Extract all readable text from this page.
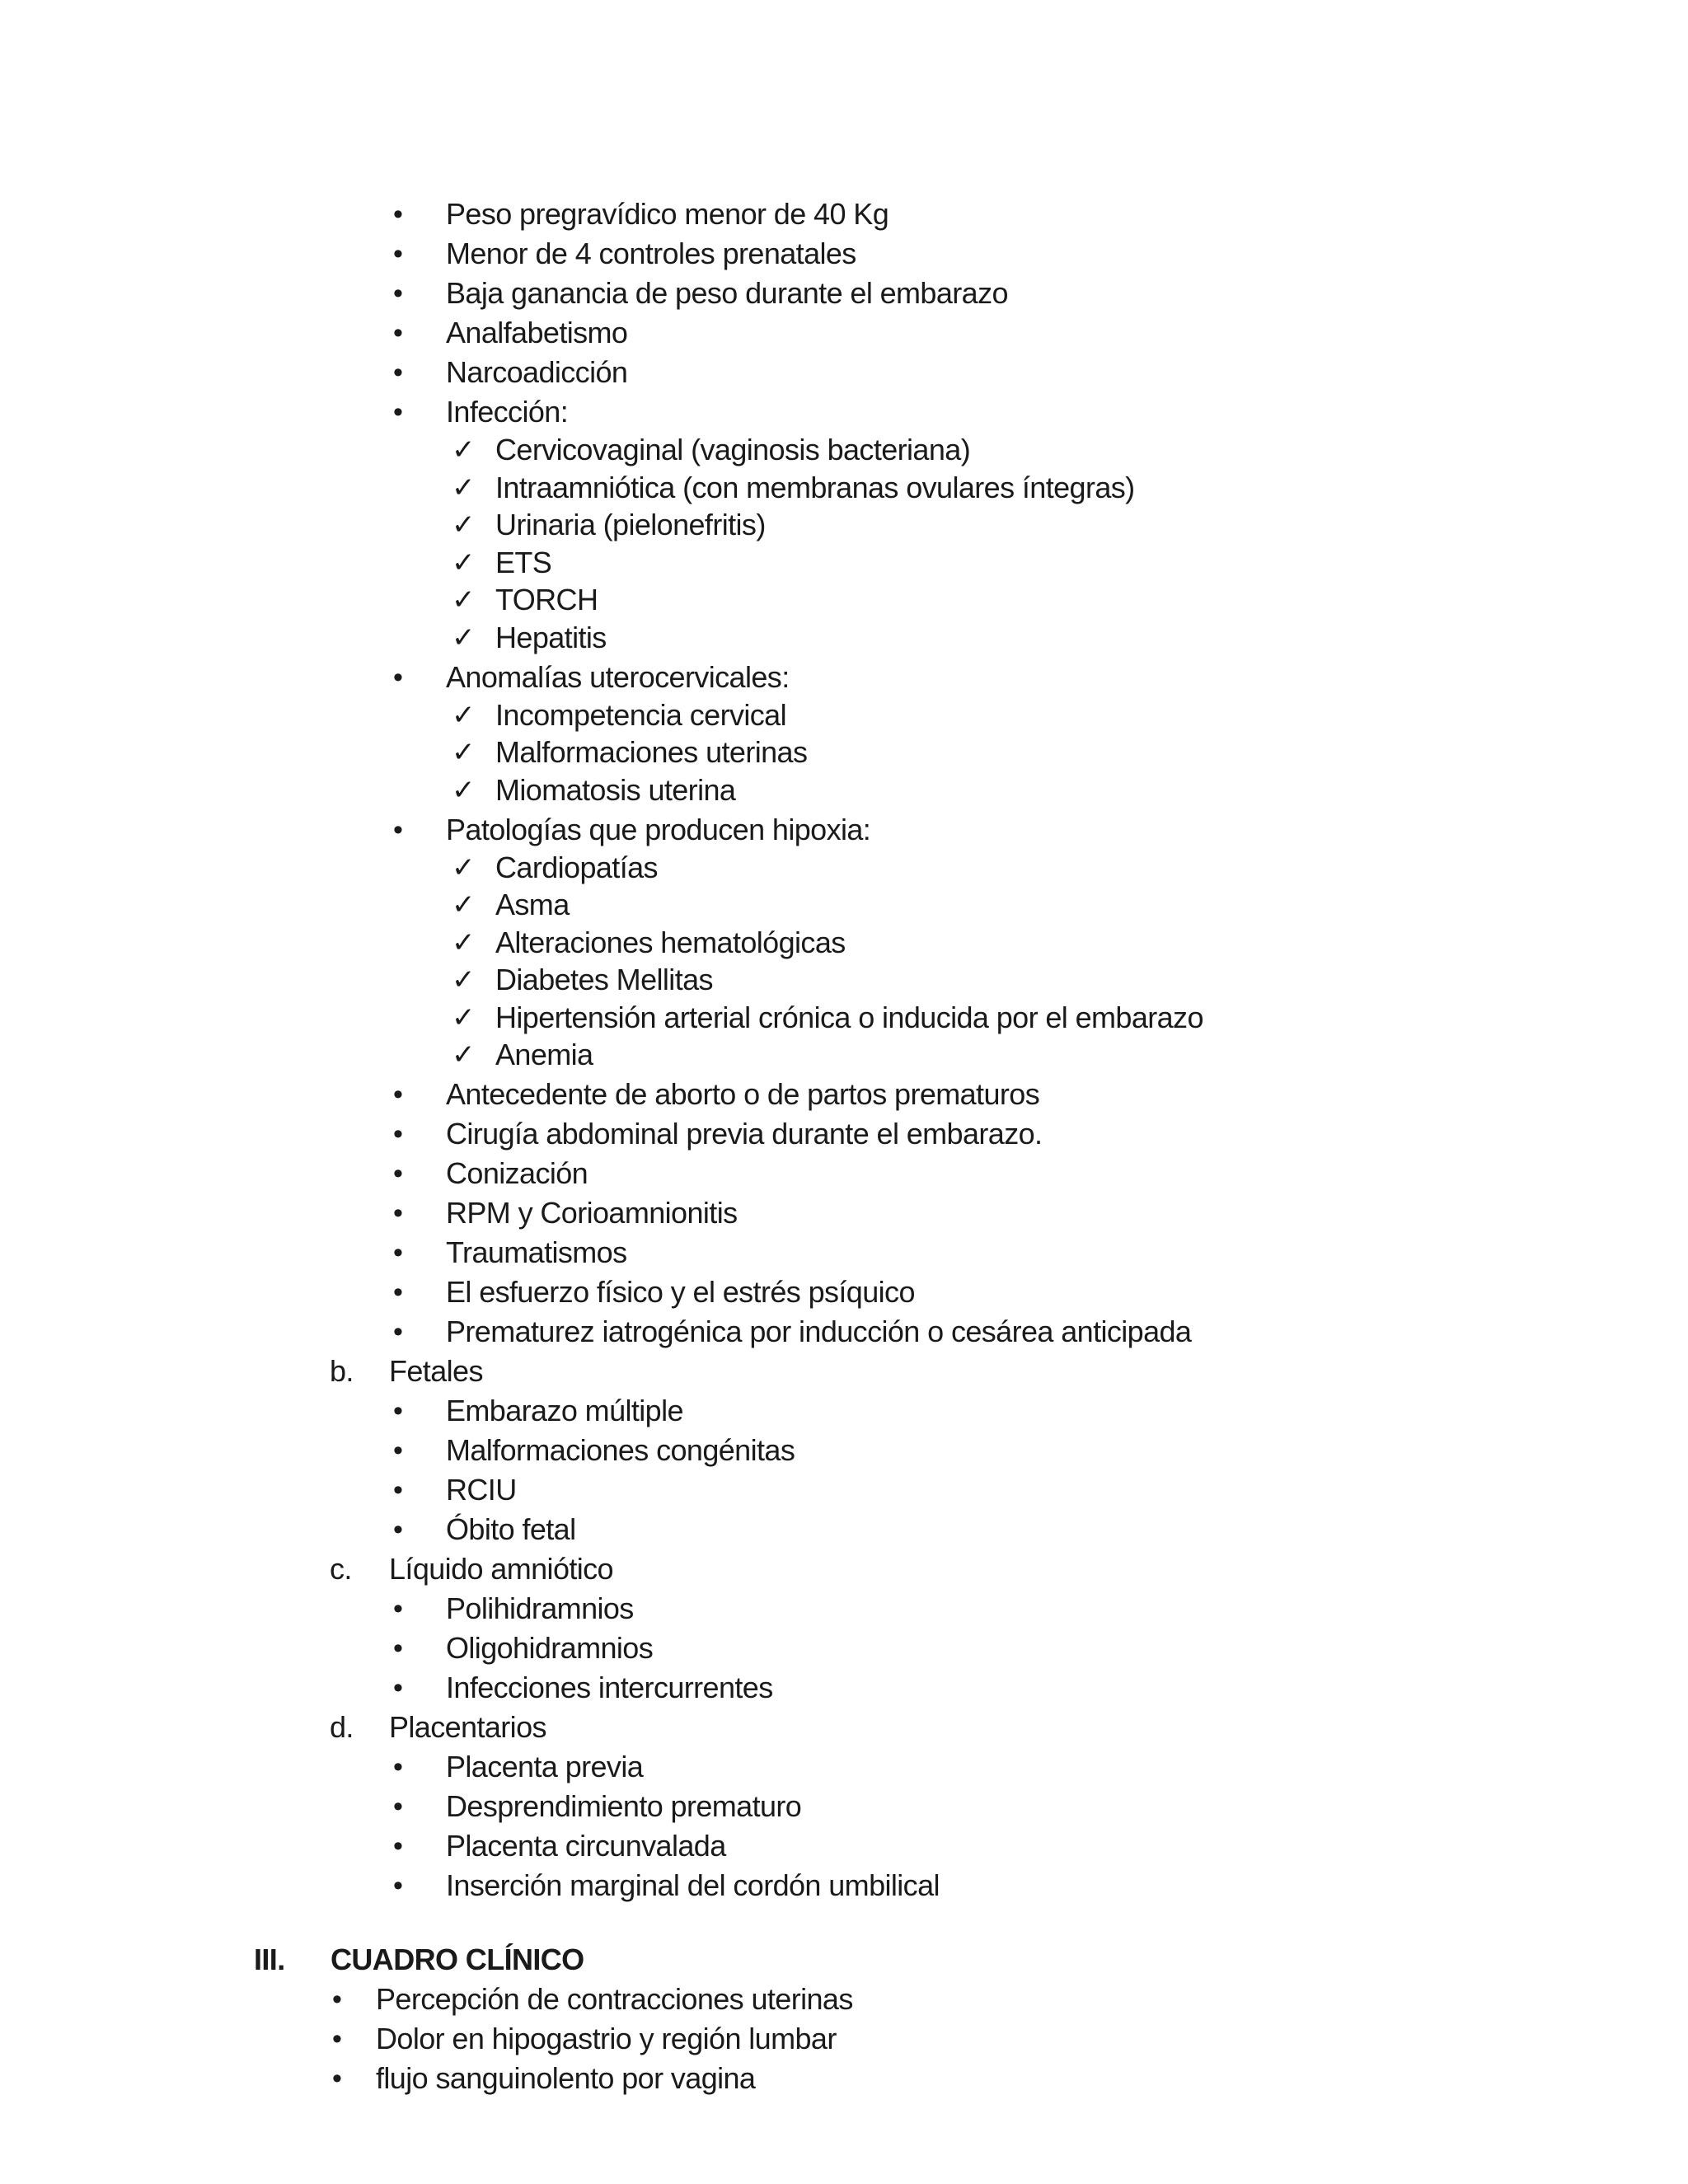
• Peso pregravídico menor de 40 Kg
• Menor de 4 controles prenatales
• Baja ganancia de peso durante el embarazo
• Analfabetismo
• Narcoadicción
• Infección:
✓ Cervicovaginal (vaginosis bacteriana)
✓ Intraamniótica (con membranas ovulares íntegras)
✓ Urinaria (pielonefritis)
✓ ETS
✓ TORCH
✓ Hepatitis
• Anomalías uterocervicales:
✓ Incompetencia cervical
✓ Malformaciones uterinas
✓ Miomatosis uterina
• Patologías que producen hipoxia:
✓ Cardiopatías
✓ Asma
✓ Alteraciones hematológicas
✓ Diabetes Mellitas
✓ Hipertensión arterial crónica o inducida por el embarazo
✓ Anemia
• Antecedente de aborto o de partos prematuros
• Cirugía abdominal previa durante el embarazo.
• Conización
• RPM y Corioamnionitis
• Traumatismos
• El esfuerzo físico y el estrés psíquico
• Prematurez iatrogénica por inducción o cesárea anticipada
b. Fetales
• Embarazo múltiple
• Malformaciones congénitas
• RCIU
• Óbito fetal
c. Líquido amniótico
• Polihidramnios
• Oligohidramnios
• Infecciones intercurrentes
d. Placentarios
• Placenta previa
• Desprendimiento prematuro
• Placenta circunvalada
• Inserción marginal del cordón umbilical
III. CUADRO CLÍNICO
• Percepción de contracciones uterinas
• Dolor en hipogastrio y región lumbar
• flujo sanguinolento por vagina
